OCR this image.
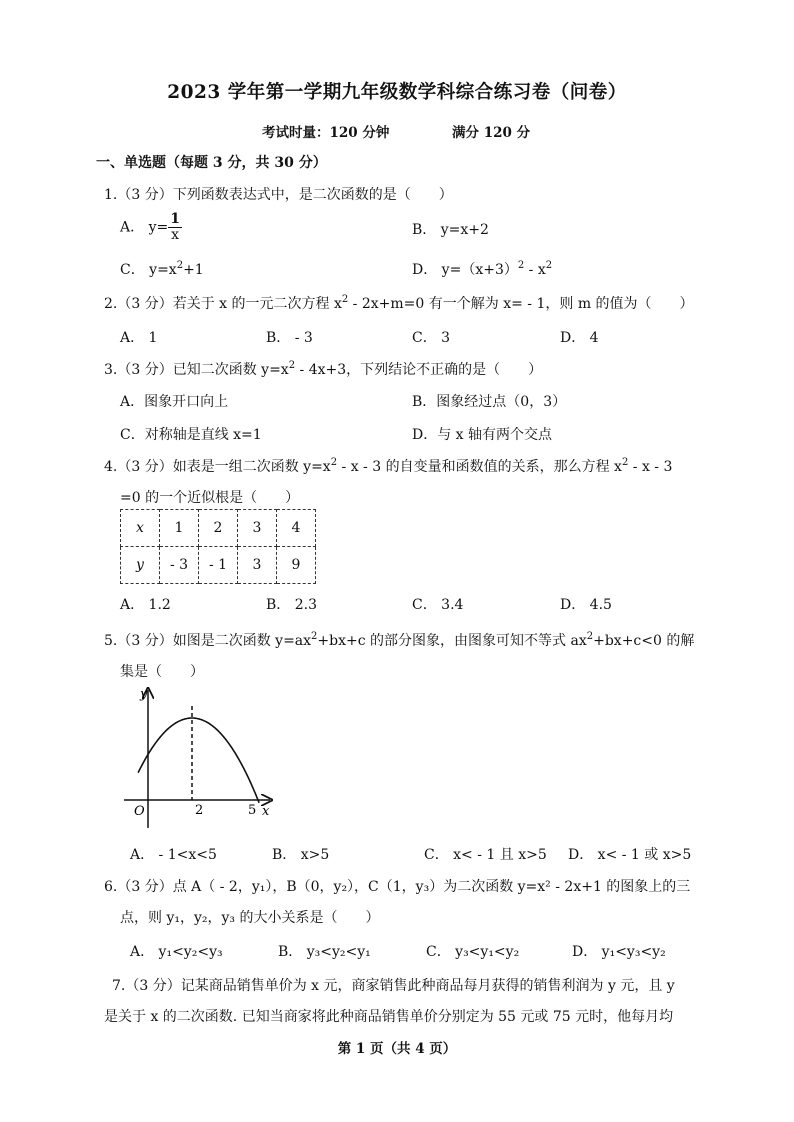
2023 学年第一学期九年级数学科综合练习卷（问卷）
考试时量：120 分钟	满分 120 分
一、单选题（每题 3 分，共 30 分）
1.（3 分）下列函数表达式中，是二次函数的是（　　）
A． $y= \frac{1}{x}$	B． y=x+2
C． $y=x^2+1$	D． $y=(x+3)^2 - x^2$
2.（3 分）若关于 x 的一元二次方程 $x^2 - 2x+m=0$ 有一个解为 x= - 1，则 m 的值为（　　）
A． 1	B． - 3	C． 3	D． 4
3.（3 分）已知二次函数 $y=x^2 - 4x+3$，下列结论不正确的是（　　）
A．图象开口向上	B．图象经过点（0，3）
C．对称轴是直线 x=1	D．与 x 轴有两个交点
4.（3 分）如表是一组二次函数 $y=x^2 - x - 3$ 的自变量和函数值的关系，那么方程 $x^2$ - x - 3
=0 的一个近似根是（　　）
x	1	2	3	4
y	- 3	- 1	3	9
A． 1.2	B． 2.3	C． 3.4	D． 4.5
5.（3 分）如图是二次函数 $y=ax^2+bx+c$ 的部分图象，由图象可知不等式 $ax^2+bx+c<0$ 的解
集是（　　）
y
x
O	2	5
A． - 1<x<5	B． x>5	C． x< - 1 且 x>5 D． x< - 1 或 x>5
6.（3 分）点 A（ - 2，y₁），B（0，y₂），C（1，y₃）为二次函数 y=x² - 2x+1 的图象上的三
点，则 y₁，y₂，y₃ 的大小关系是（　　）
A． y₁<y₂<y₃	B． y₃<y₂<y₁	C． y₃<y₁<y₂	D． y₁<y₃<y₂
7.（3 分）记某商品销售单价为 x 元，商家销售此种商品每月获得的销售利润为 y 元，且 y
是关于 x 的二次函数. 已知当商家将此种商品销售单价分别定为 55 元或 75 元时，他每月均
第 1 页（共 4 页）
